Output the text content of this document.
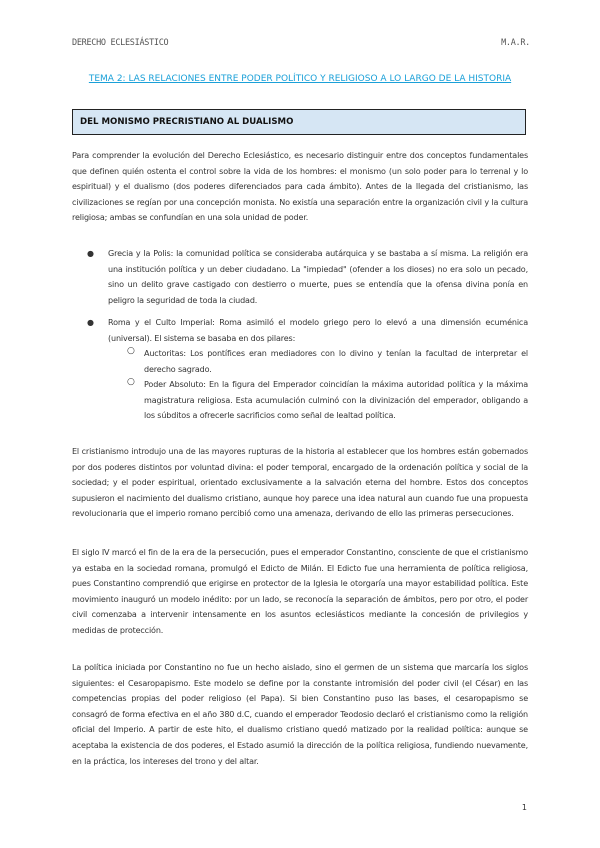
DERECHO ECLESIÁSTICO	M.A.R.
TEMA 2: LAS RELACIONES ENTRE PODER POLÍTICO Y RELIGIOSO A LO LARGO DE LA HISTORIA
DEL MONISMO PRECRISTIANO AL DUALISMO
Para comprender la evolución del Derecho Eclesiástico, es necesario distinguir entre dos conceptos fundamentales que definen quién ostenta el control sobre la vida de los hombres: el monismo (un solo poder para lo terrenal y lo espiritual) y el dualismo (dos poderes diferenciados para cada ámbito). Antes de la llegada del cristianismo, las civilizaciones se regían por una concepción monista. No existía una separación entre la organización civil y la cultura religiosa; ambas se confundían en una sola unidad de poder.
● Grecia y la Polis: la comunidad política se consideraba autárquica y se bastaba a sí misma. La religión era una institución política y un deber ciudadano. La "impiedad" (ofender a los dioses) no era solo un pecado, sino un delito grave castigado con destierro o muerte, pues se entendía que la ofensa divina ponía en peligro la seguridad de toda la ciudad.
● Roma y el Culto Imperial: Roma asimiló el modelo griego pero lo elevó a una dimensión ecuménica (universal). El sistema se basaba en dos pilares:
○ Auctoritas: Los pontífices eran mediadores con lo divino y tenían la facultad de interpretar el derecho sagrado.
○ Poder Absoluto: En la figura del Emperador coincidían la máxima autoridad política y la máxima magistratura religiosa. Esta acumulación culminó con la divinización del emperador, obligando a los súbditos a ofrecerle sacrificios como señal de lealtad política.
El cristianismo introdujo una de las mayores rupturas de la historia al establecer que los hombres están gobernados por dos poderes distintos por voluntad divina: el poder temporal, encargado de la ordenación política y social de la sociedad; y el poder espiritual, orientado exclusivamente a la salvación eterna del hombre. Estos dos conceptos supusieron el nacimiento del dualismo cristiano, aunque hoy parece una idea natural aun cuando fue una propuesta revolucionaria que el imperio romano percibió como una amenaza, derivando de ello las primeras persecuciones.
El siglo IV marcó el fin de la era de la persecución, pues el emperador Constantino, consciente de que el cristianismo ya estaba en la sociedad romana, promulgó el Edicto de Milán. El Edicto fue una herramienta de política religiosa, pues Constantino comprendió que erigirse en protector de la Iglesia le otorgaría una mayor estabilidad política. Este movimiento inauguró un modelo inédito: por un lado, se reconocía la separación de ámbitos, pero por otro, el poder civil comenzaba a intervenir intensamente en los asuntos eclesiásticos mediante la concesión de privilegios y medidas de protección.
La política iniciada por Constantino no fue un hecho aislado, sino el germen de un sistema que marcaría los siglos siguientes: el Cesaropapismo. Este modelo se define por la constante intromisión del poder civil (el César) en las competencias propias del poder religioso (el Papa). Si bien Constantino puso las bases, el cesaropapismo se consagró de forma efectiva en el año 380 d.C, cuando el emperador Teodosio declaró el cristianismo como la religión oficial del Imperio. A partir de este hito, el dualismo cristiano quedó matizado por la realidad política: aunque se aceptaba la existencia de dos poderes, el Estado asumió la dirección de la política religiosa, fundiendo nuevamente, en la práctica, los intereses del trono y del altar.
1
